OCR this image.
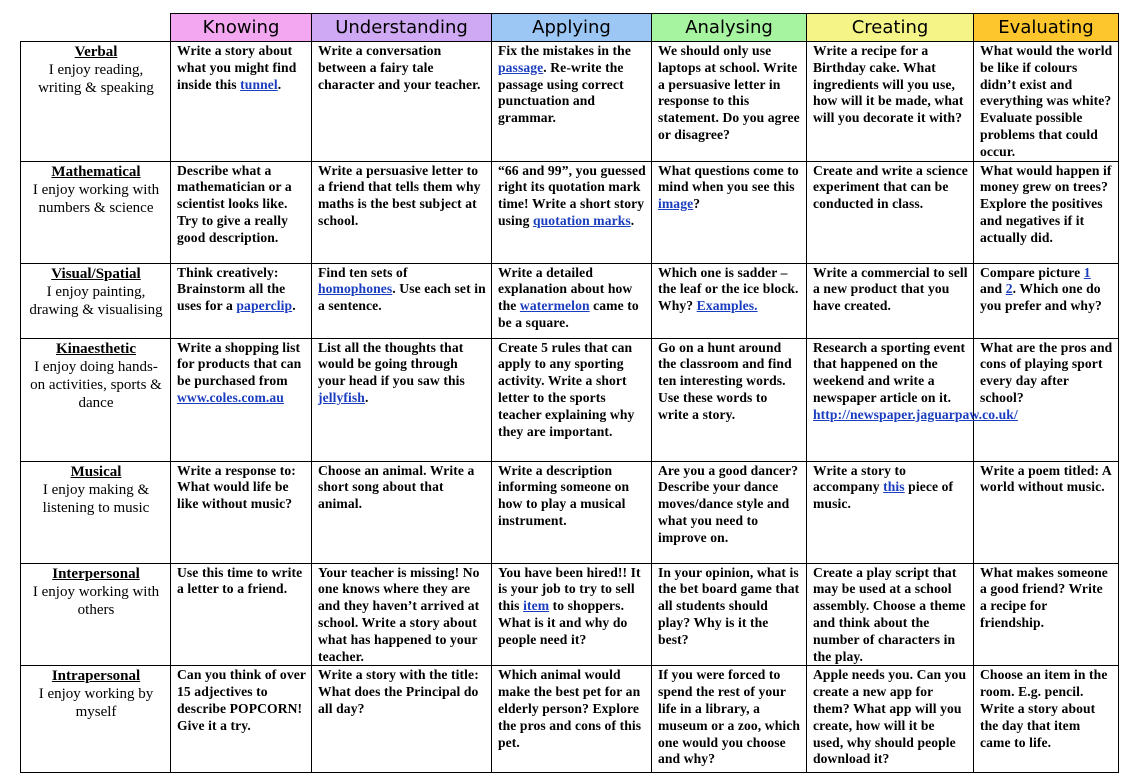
	Knowing	Understanding	Applying	Analysing	Creating	Evaluating

Verbal
I enjoy reading, writing & speaking	Write a story about what you might find inside this tunnel.	Write a conversation between a fairy tale character and your teacher.	Fix the mistakes in the passage. Re-write the passage using correct punctuation and grammar.	We should only use laptops at school. Write a persuasive letter in response to this statement. Do you agree or disagree?	Write a recipe for a Birthday cake. What ingredients will you use, how will it be made, what will you decorate it with?	What would the world be like if colours didn’t exist and everything was white? Evaluate possible problems that could occur.

Mathematical
I enjoy working with numbers & science	Describe what a mathematician or a scientist looks like. Try to give a really good description.	Write a persuasive letter to a friend that tells them why maths is the best subject at school.	“66 and 99”, you guessed right its quotation mark time! Write a short story using quotation marks.	What questions come to mind when you see this image?	Create and write a science experiment that can be conducted in class.	What would happen if money grew on trees? Explore the positives and negatives if it actually did.

Visual/Spatial
I enjoy painting, drawing & visualising	Think creatively: Brainstorm all the uses for a paperclip.	Find ten sets of homophones. Use each set in a sentence.	Write a detailed explanation about how the watermelon came to be a square.	Which one is sadder – the leaf or the ice block. Why? Examples.	Write a commercial to sell a new product that you have created.	Compare picture 1 and 2. Which one do you prefer and why?

Kinaesthetic
I enjoy doing hands-on activities, sports & dance	Write a shopping list for products that can be purchased from www.coles.com.au	List all the thoughts that would be going through your head if you saw this jellyfish.	Create 5 rules that can apply to any sporting activity. Write a short letter to the sports teacher explaining why they are important.	Go on a hunt around the classroom and find ten interesting words. Use these words to write a story.	Research a sporting event that happened on the weekend and write a newspaper article on it. http://newspaper.jaguarpaw.co.uk/	What are the pros and cons of playing sport every day after school?

Musical
I enjoy making & listening to music	Write a response to: What would life be like without music?	Choose an animal. Write a short song about that animal.	Write a description informing someone on how to play a musical instrument.	Are you a good dancer? Describe your dance moves/dance style and what you need to improve on.	Write a story to accompany this piece of music.	Write a poem titled: A world without music.

Interpersonal
I enjoy working with others	Use this time to write a letter to a friend.	Your teacher is missing! No one knows where they are and they haven’t arrived at school. Write a story about what has happened to your teacher.	You have been hired!! It is your job to try to sell this item to shoppers. What is it and why do people need it?	In your opinion, what is the bet board game that all students should play? Why is it the best?	Create a play script that may be used at a school assembly. Choose a theme and think about the number of characters in the play.	What makes someone a good friend? Write a recipe for friendship.

Intrapersonal
I enjoy working by myself	Can you think of over 15 adjectives to describe POPCORN! Give it a try.	Write a story with the title: What does the Principal do all day?	Which animal would make the best pet for an elderly person? Explore the pros and cons of this pet.	If you were forced to spend the rest of your life in a library, a museum or a zoo, which one would you choose and why?	Apple needs you. Can you create a new app for them? What app will you create, how will it be used, why should people download it?	Choose an item in the room. E.g. pencil. Write a story about the day that item came to life.
